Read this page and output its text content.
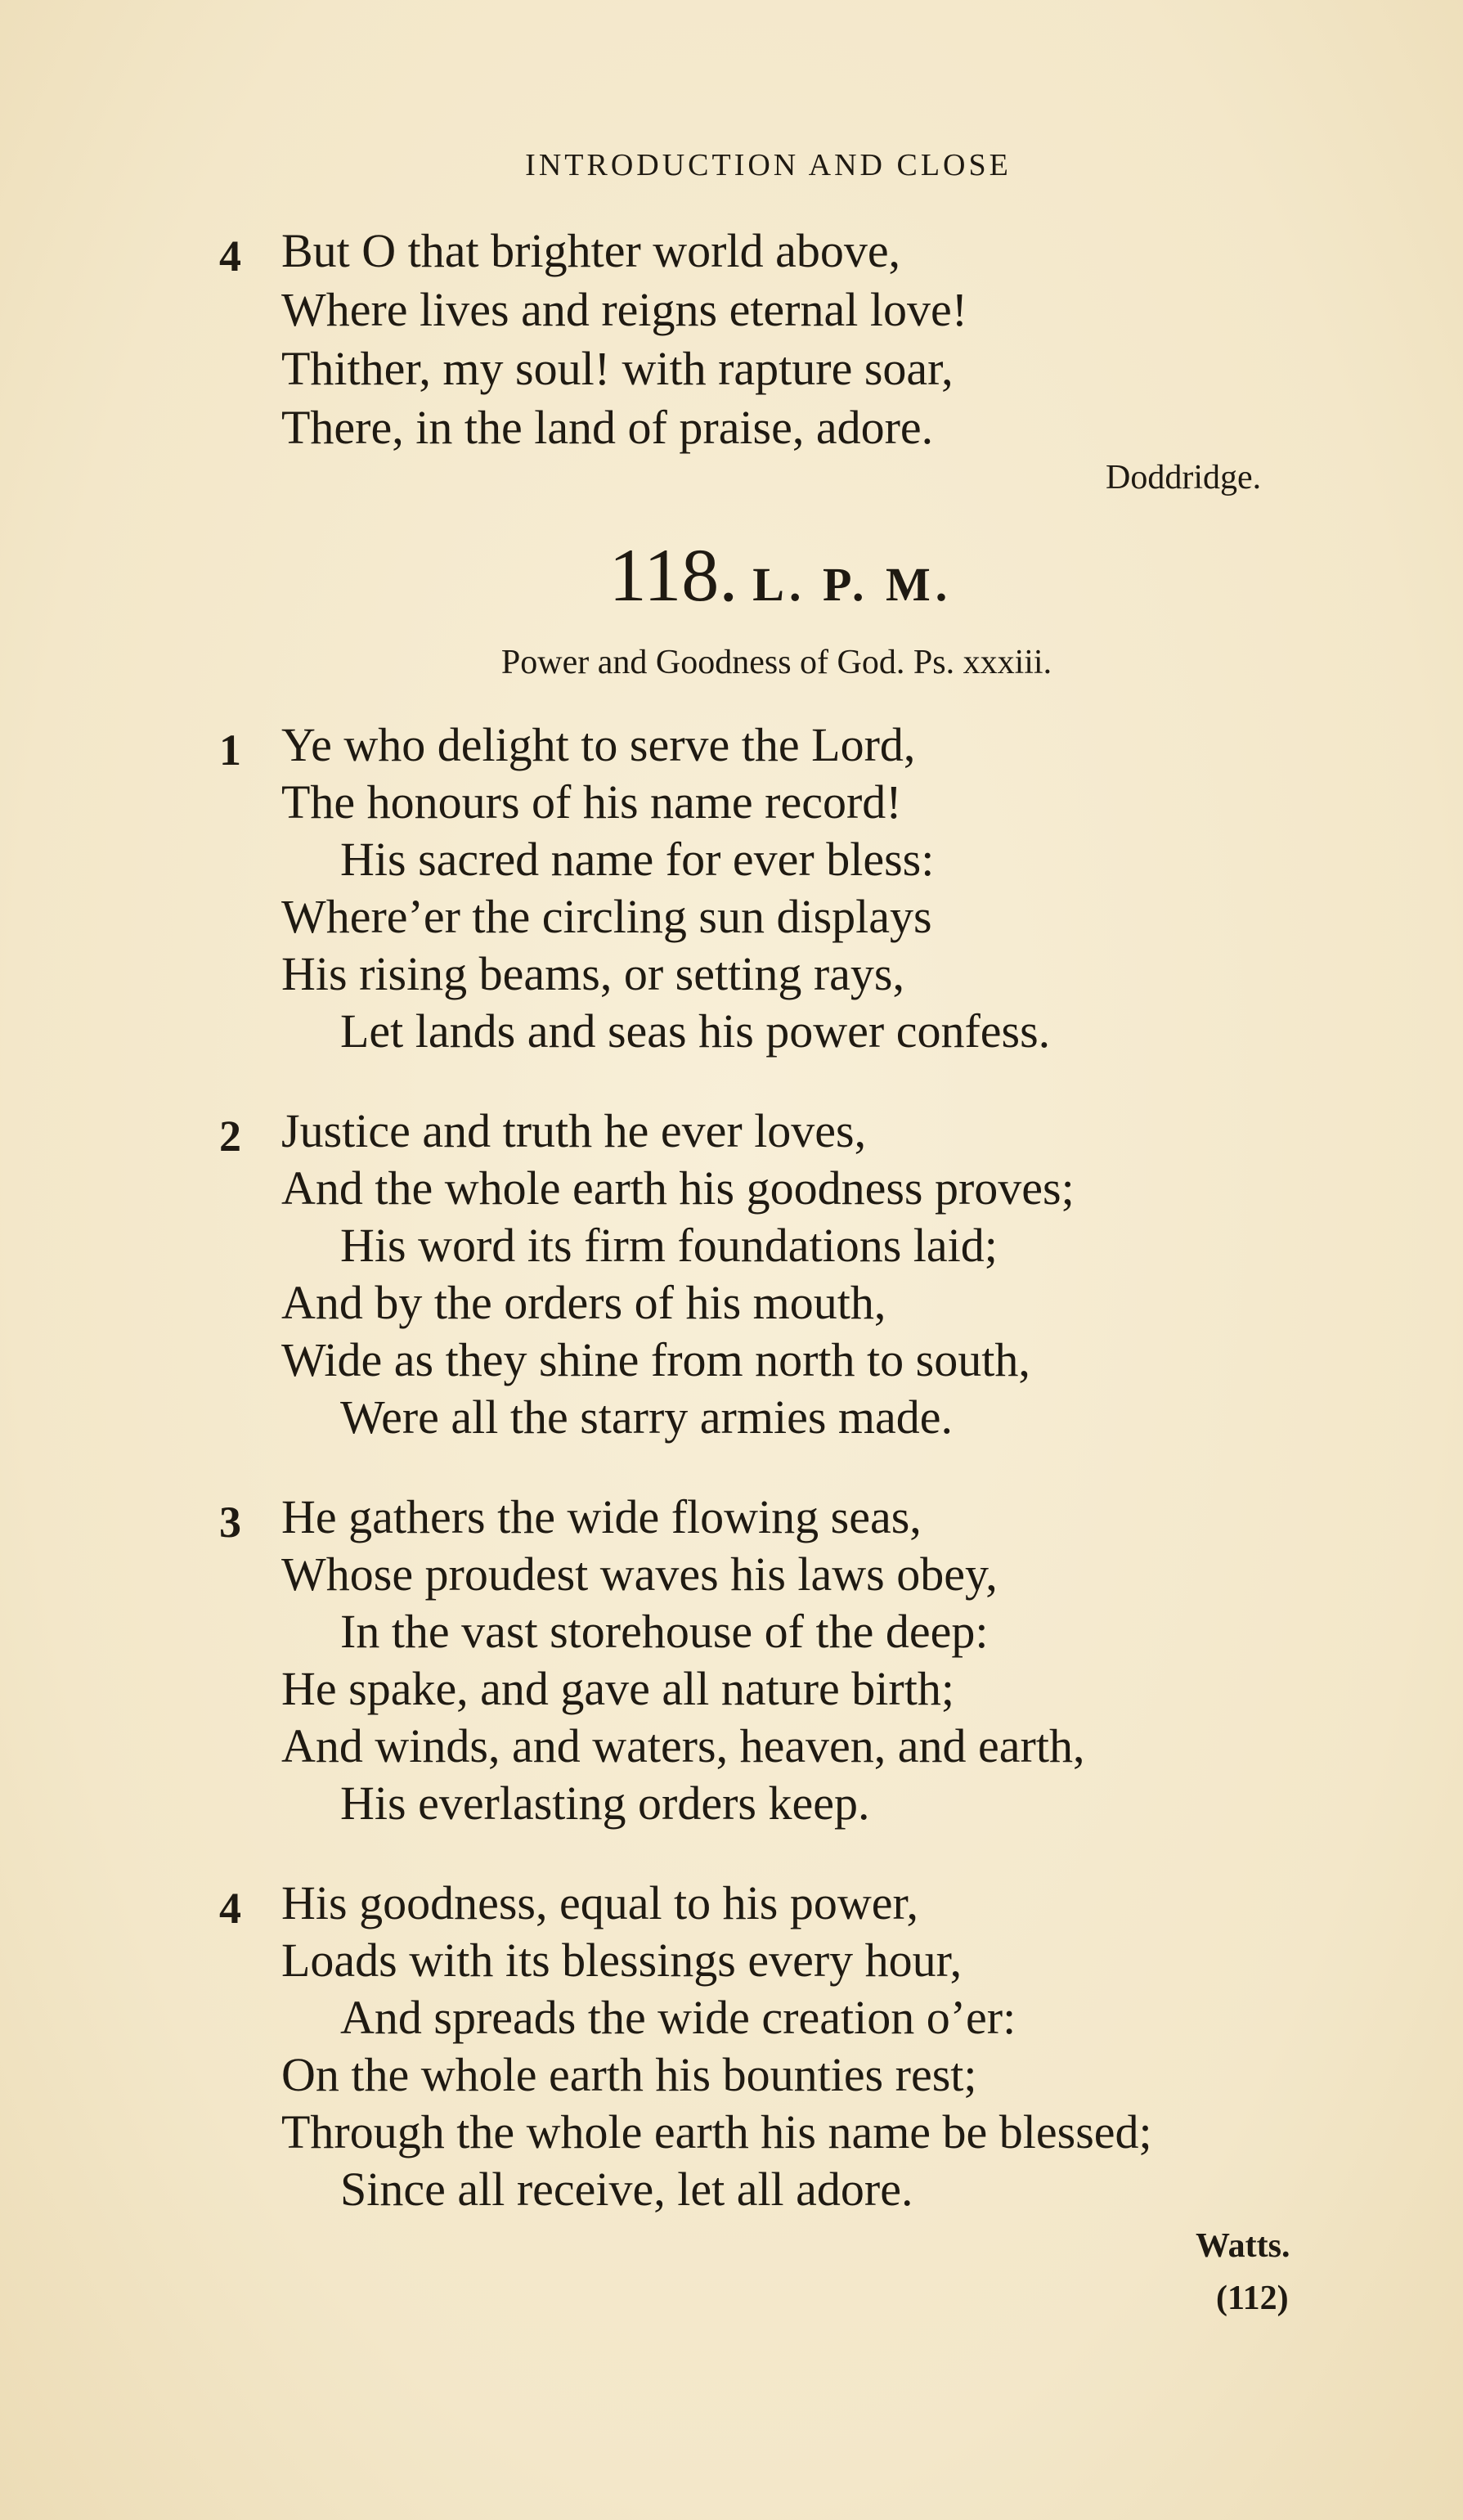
INTRODUCTION AND CLOSE
4 But O that brighter world above,
Where lives and reigns eternal love!
Thither, my soul! with rapture soar,
There, in the land of praise, adore.
Doddridge.
118. L. P. M.
Power and Goodness of God. Ps. xxxiii.
1 Ye who delight to serve the Lord,
The honours of his name record!
His sacred name for ever bless:
Where’er the circling sun displays
His rising beams, or setting rays,
Let lands and seas his power confess.
2 Justice and truth he ever loves,
And the whole earth his goodness proves;
His word its firm foundations laid;
And by the orders of his mouth,
Wide as they shine from north to south,
Were all the starry armies made.
3 He gathers the wide flowing seas,
Whose proudest waves his laws obey,
In the vast storehouse of the deep:
He spake, and gave all nature birth;
And winds, and waters, heaven, and earth,
His everlasting orders keep.
4 His goodness, equal to his power,
Loads with its blessings every hour,
And spreads the wide creation o’er:
On the whole earth his bounties rest;
Through the whole earth his name be blessed;
Since all receive, let all adore.
Watts.
(112)
